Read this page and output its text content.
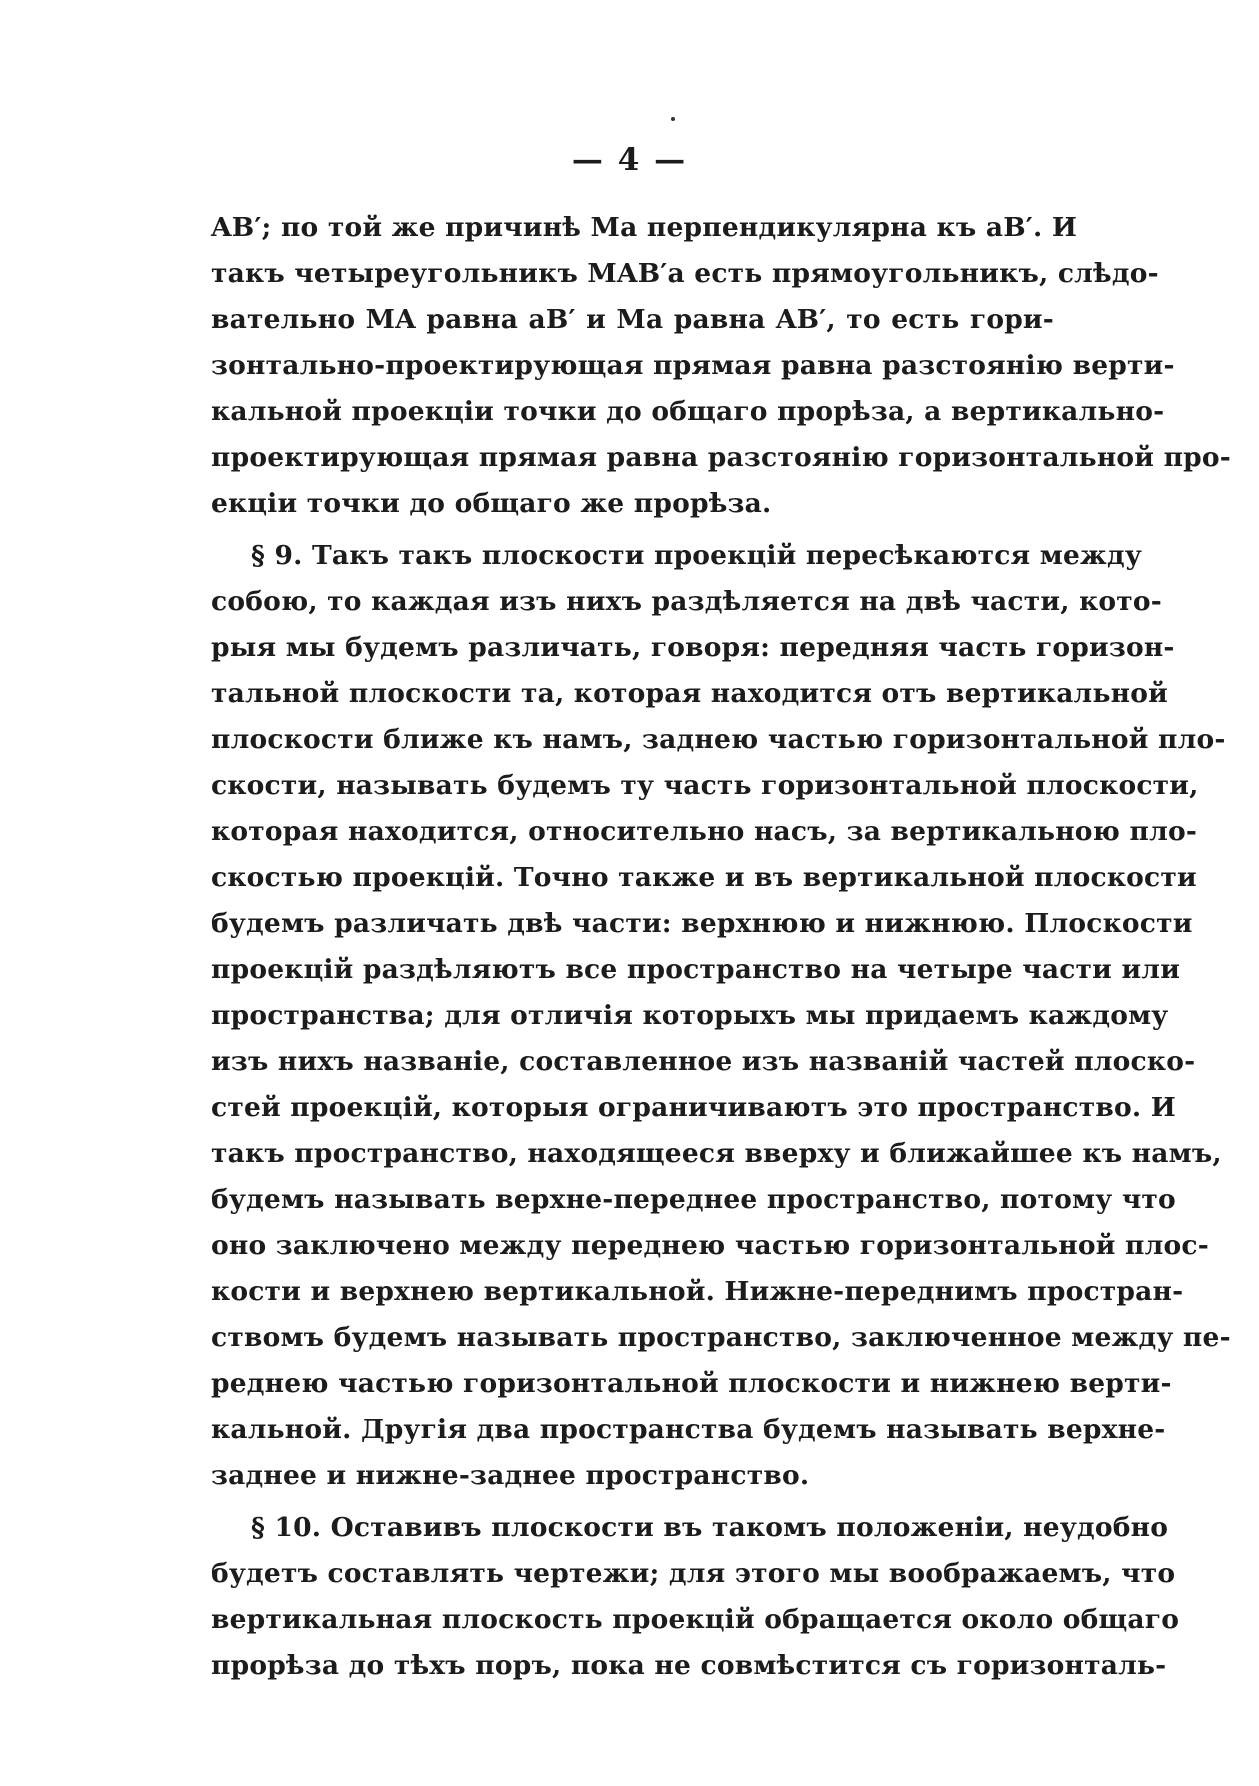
— 4 —
AB′; по той же причинѣ Ma перпендикулярна къ aB′. И
такъ четыреугольникъ MAB′a есть прямоугольникъ, слѣдо-
вательно MA равна aB′ и Ma равна AB′, то есть гори-
зонтально-проектирующая прямая равна разстоянію верти-
кальной проекціи точки до общаго прорѣза, а вертикально-
проектирующая прямая равна разстоянію горизонтальной про-
екціи точки до общаго же прорѣза.
§ 9. Такъ такъ плоскости проекцій пересѣкаются между
собою, то каждая изъ нихъ раздѣляется на двѣ части, кото-
рыя мы будемъ различать, говоря: передняя часть горизон-
тальной плоскости та, которая находится отъ вертикальной
плоскости ближе къ намъ, заднею частью горизонтальной пло-
скости, называть будемъ ту часть горизонтальной плоскости,
которая находится, относительно насъ, за вертикальною пло-
скостью проекцій. Точно также и въ вертикальной плоскости
будемъ различать двѣ части: верхнюю и нижнюю. Плоскости
проекцій раздѣляютъ все пространство на четыре части или
пространства; для отличія которыхъ мы придаемъ каждому
изъ нихъ названіе, составленное изъ названій частей плоско-
стей проекцій, которыя ограничиваютъ это пространство. И
такъ пространство, находящееся вверху и ближайшее къ намъ,
будемъ называть верхне-переднее пространство, потому что
оно заключено между переднею частью горизонтальной плос-
кости и верхнею вертикальной. Нижне-переднимъ простран-
ствомъ будемъ называть пространство, заключенное между пе-
реднею частью горизонтальной плоскости и нижнею верти-
кальной. Другія два пространства будемъ называть верхне-
заднее и нижне-заднее пространство.
§ 10. Оставивъ плоскости въ такомъ положеніи, неудобно
будетъ составлять чертежи; для этого мы воображаемъ, что
вертикальная плоскость проекцій обращается около общаго
прорѣза до тѣхъ поръ, пока не совмѣстится съ горизонталь-
